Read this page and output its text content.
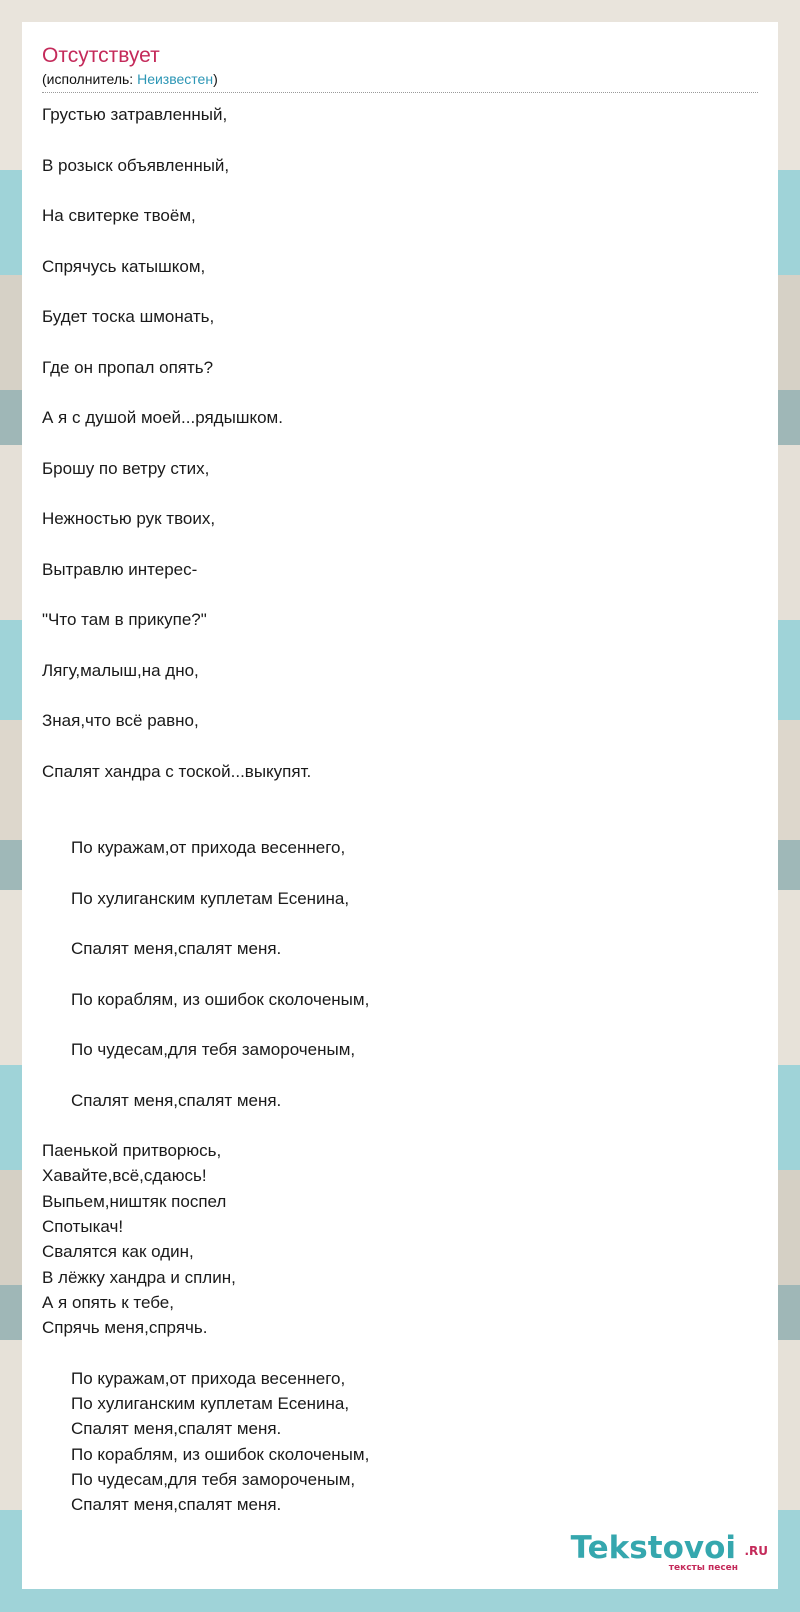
Отсутствует
(исполнитель: Неизвестен)
Грустью затравленный,
В розыск объявленный,
На свитерке твоём,
Спрячусь катышком,
Будет тоска шмонать,
Где он пропал опять?
А я с душой моей...рядышком.
Брошу по ветру стих,
Нежностью рук твоих,
Вытравлю интерес-
"Что там в прикупе?"
Лягу,малыш,на дно,
Зная,что всё равно,
Спалят хандра с тоской...выкупят.
По куражам,от прихода весеннего,
По хулиганским куплетам Есенина,
Спалят меня,спалят меня.
По кораблям, из ошибок сколоченым,
По чудесам,для тебя замороченым,
Спалят меня,спалят меня.
Паенькой притворюсь,
Хавайте,всё,сдаюсь!
Выпьем,ништяк поспел
Спотыкач!
Свалятся как один,
В лёжку хандра и сплин,
А я опять к тебе,
Спрячь меня,спрячь.
По куражам,от прихода весеннего,
По хулиганским куплетам Есенина,
Спалят меня,спалят меня.
По кораблям, из ошибок сколоченым,
По чудесам,для тебя замороченым,
Спалят меня,спалят меня.
Tekstovoi .RU
тексты песен
